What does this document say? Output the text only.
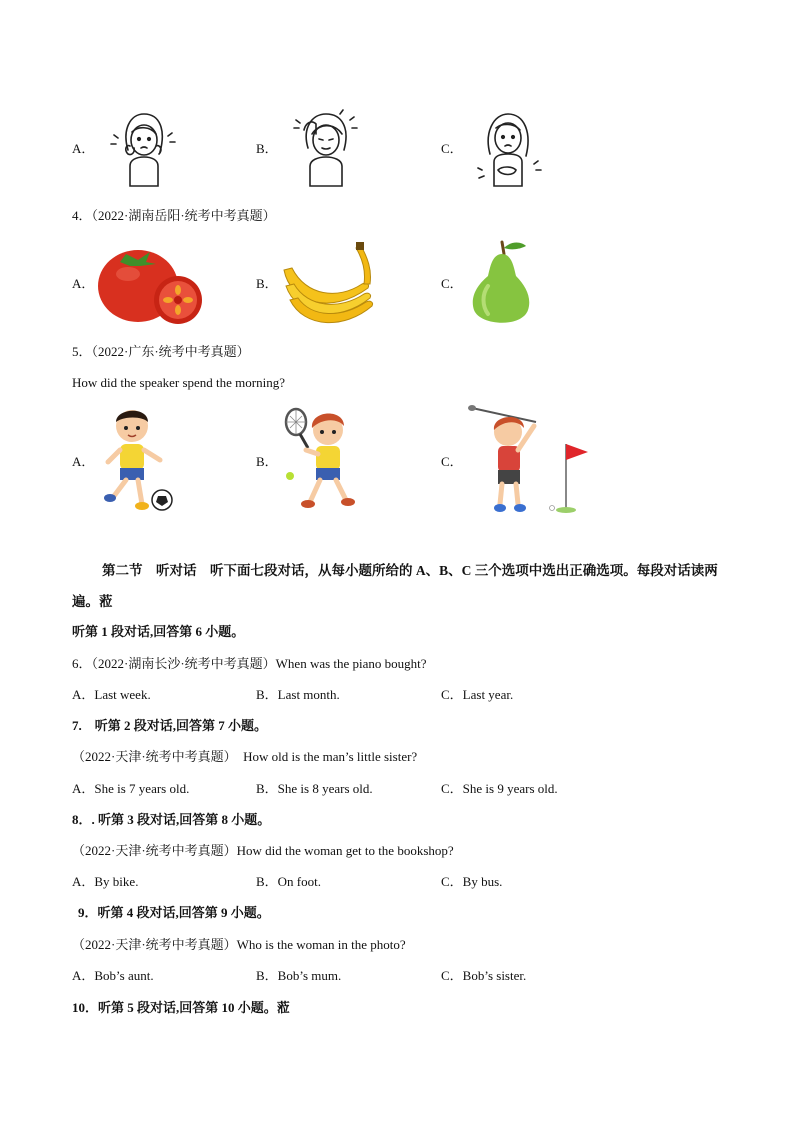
A．	B．	C．
4．（2022·湖南岳阳·统考中考真题）
A．	B．	C．
5．（2022·广东·统考中考真题）
How did the speaker spend the morning?
A．	B．	C．
第二节　听对话　听下面七段对话，从每小题所给的 A、B、C 三个选项中选出正确选项。每段对话读两遍。蒞
听第 1 段对话,回答第 6 小题。
6．（2022·湖南长沙·统考中考真题）When was the piano bought?
A．Last week.	B．Last month.	C．Last year.
7.　听第 2 段对话,回答第 7 小题。
（2022·天津·统考中考真题）　How old is the man’s little sister?
A．She is 7 years old.	B．She is 8 years old.	C．She is 9 years old.
8．. 听第 3 段对话,回答第 8 小题。
（2022·天津·统考中考真题）How did the woman get to the bookshop?
A．By bike.	B．On foot.	C．By bus.
9．听第 4 段对话,回答第 9 小题。
（2022·天津·统考中考真题）Who is the woman in the photo?
A．Bob’s aunt.	B．Bob’s mum.	C．Bob’s sister.
10．听第 5 段对话,回答第 10 小题。蒞
